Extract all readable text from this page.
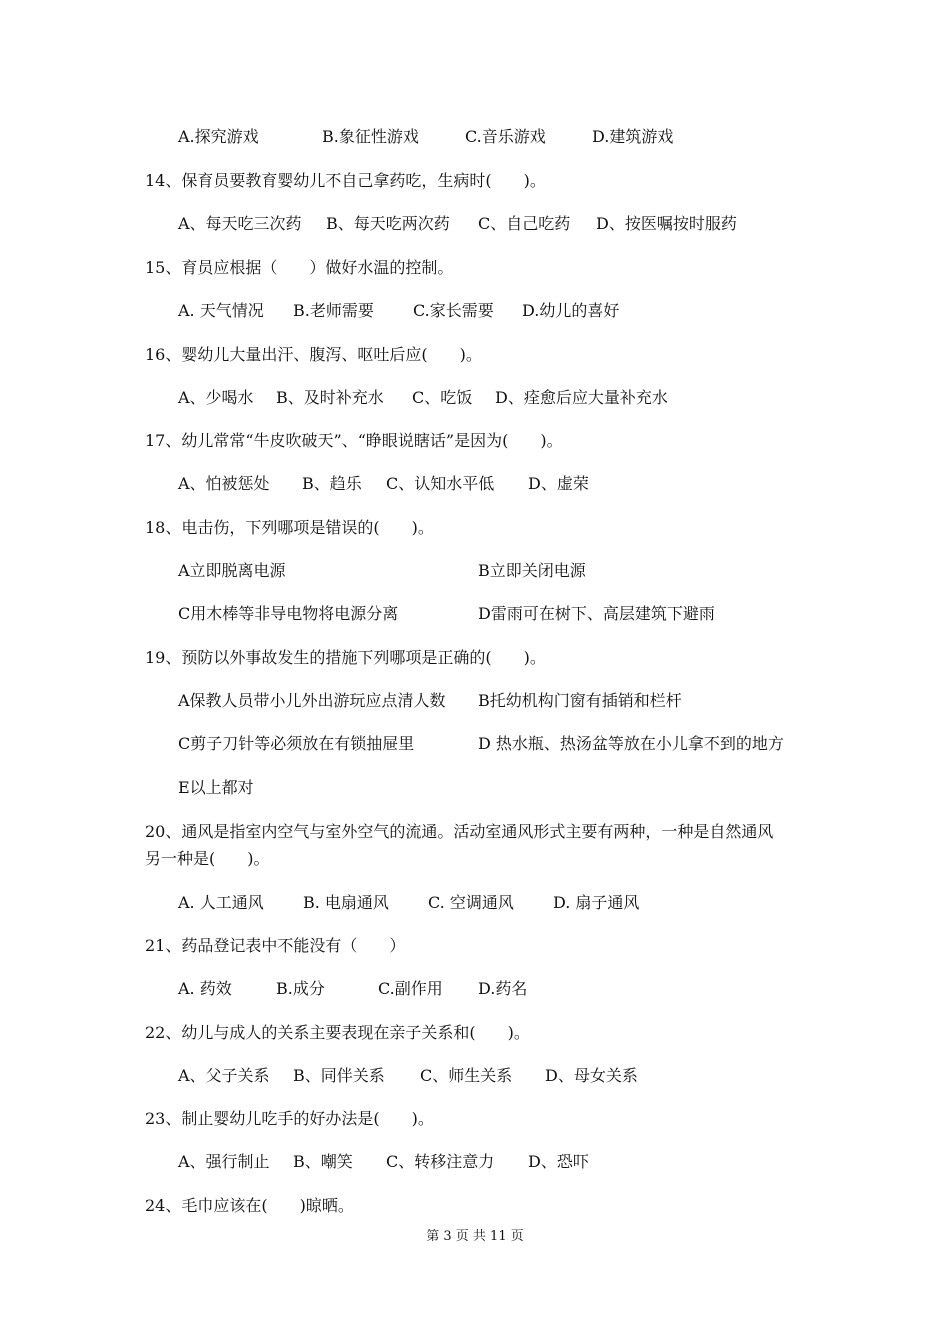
A.探究游戏	B.象征性游戏	C.音乐游戏	D.建筑游戏
14、保育员要教育婴幼儿不自己拿药吃，生病时(　　)。
A、每天吃三次药 B、每天吃两次药 C、自己吃药 D、按医嘱按时服药
15、育员应根据（　　）做好水温的控制。
A. 天气情况 B.老师需要 C.家长需要 D.幼儿的喜好
16、婴幼儿大量出汗、腹泻、呕吐后应(　　)。
A、少喝水 B、及时补充水 C、吃饭 D、痊愈后应大量补充水
17、幼儿常常“牛皮吹破天”、“睁眼说瞎话”是因为(　　)。
A、怕被惩处 B、趋乐 C、认知水平低 D、虚荣
18、电击伤，下列哪项是错误的(　　)。
A立即脱离电源	B立即关闭电源
C用木棒等非导电物将电源分离	D雷雨可在树下、高层建筑下避雨
19、预防以外事故发生的措施下列哪项是正确的(　　)。
A保教人员带小儿外出游玩应点清人数 B托幼机构门窗有插销和栏杆
C剪子刀针等必须放在有锁抽屉里	D 热水瓶、热汤盆等放在小儿拿不到的地方
E以上都对
20、通风是指室内空气与室外空气的流通。活动室通风形式主要有两种，一种是自然通风
另一种是(　　)。
A. 人工通风 B. 电扇通风 C. 空调通风 D. 扇子通风
21、药品登记表中不能没有（　　）
A. 药效	B.成分	C.副作用 D.药名
22、幼儿与成人的关系主要表现在亲子关系和(　　)。
A、父子关系 B、同伴关系 C、师生关系 D、母女关系
23、制止婴幼儿吃手的好办法是(　　)。
A、强行制止 B、嘲笑 C、转移注意力 D、恐吓
24、毛巾应该在(　　)晾晒。
第 3 页 共 11 页
